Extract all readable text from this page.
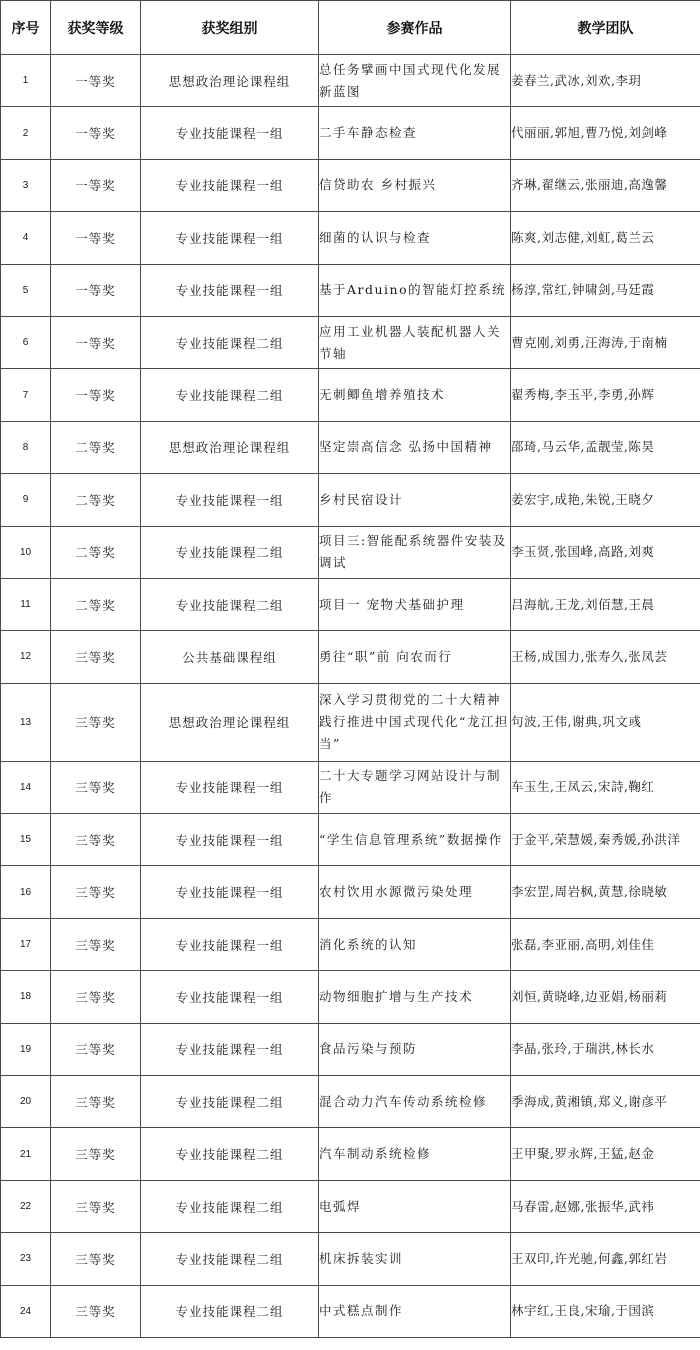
序号	获奖等级	获奖组别	参赛作品	教学团队
1	一等奖	思想政治理论课程组	总任务擘画中国式现代化发展新蓝图	姜春兰,武冰,刘欢,李玥
2	一等奖	专业技能课程一组	二手车静态检查	代丽丽,郭旭,曹乃悦,刘剑峰
3	一等奖	专业技能课程一组	信贷助农 乡村振兴	齐琳,翟继云,张丽迪,高逸馨
4	一等奖	专业技能课程一组	细菌的认识与检查	陈爽,刘志健,刘虹,葛兰云
5	一等奖	专业技能课程一组	基于Arduino的智能灯控系统	杨淳,常红,钟啸剑,马廷霞
6	一等奖	专业技能课程二组	应用工业机器人装配机器人关节轴	曹克刚,刘勇,汪海涛,于南楠
7	一等奖	专业技能课程二组	无刺鲫鱼增养殖技术	翟秀梅,李玉平,李勇,孙辉
8	二等奖	思想政治理论课程组	坚定崇高信念 弘扬中国精神	邵琦,马云华,孟靓莹,陈昊
9	二等奖	专业技能课程一组	乡村民宿设计	姜宏宇,成艳,朱锐,王晓夕
10	二等奖	专业技能课程二组	项目三:智能配系统器件安装及调试	李玉贤,张国峰,高路,刘爽
11	二等奖	专业技能课程二组	项目一 宠物犬基础护理	吕海航,王龙,刘佰慧,王晨
12	三等奖	公共基础课程组	勇往“职”前 向农而行	王杨,成国力,张寿久,张凤芸
13	三等奖	思想政治理论课程组	深入学习贯彻党的二十大精神 践行推进中国式现代化“龙江担当”	句波,王伟,谢典,巩文彧
14	三等奖	专业技能课程一组	二十大专题学习网站设计与制作	车玉生,王凤云,宋詩,鞠红
15	三等奖	专业技能课程一组	“学生信息管理系统”数据操作	于金平,荣慧媛,秦秀媛,孙洪洋
16	三等奖	专业技能课程一组	农村饮用水源微污染处理	李宏罡,周岩枫,黄慧,徐晓敏
17	三等奖	专业技能课程一组	消化系统的认知	张磊,李亚丽,高明,刘佳佳
18	三等奖	专业技能课程一组	动物细胞扩增与生产技术	刘恒,黄晓峰,边亚娟,杨丽莉
19	三等奖	专业技能课程一组	食品污染与预防	李晶,张玲,于瑞洪,林长水
20	三等奖	专业技能课程二组	混合动力汽车传动系统检修	季海成,黄湘镇,郑义,谢彦平
21	三等奖	专业技能课程二组	汽车制动系统检修	王甲聚,罗永辉,王猛,赵金
22	三等奖	专业技能课程二组	电弧焊	马春雷,赵娜,张振华,武祎
23	三等奖	专业技能课程二组	机床拆装实训	王双印,许光驰,何鑫,郭红岩
24	三等奖	专业技能课程二组	中式糕点制作	林宇红,王良,宋瑜,于国滨
